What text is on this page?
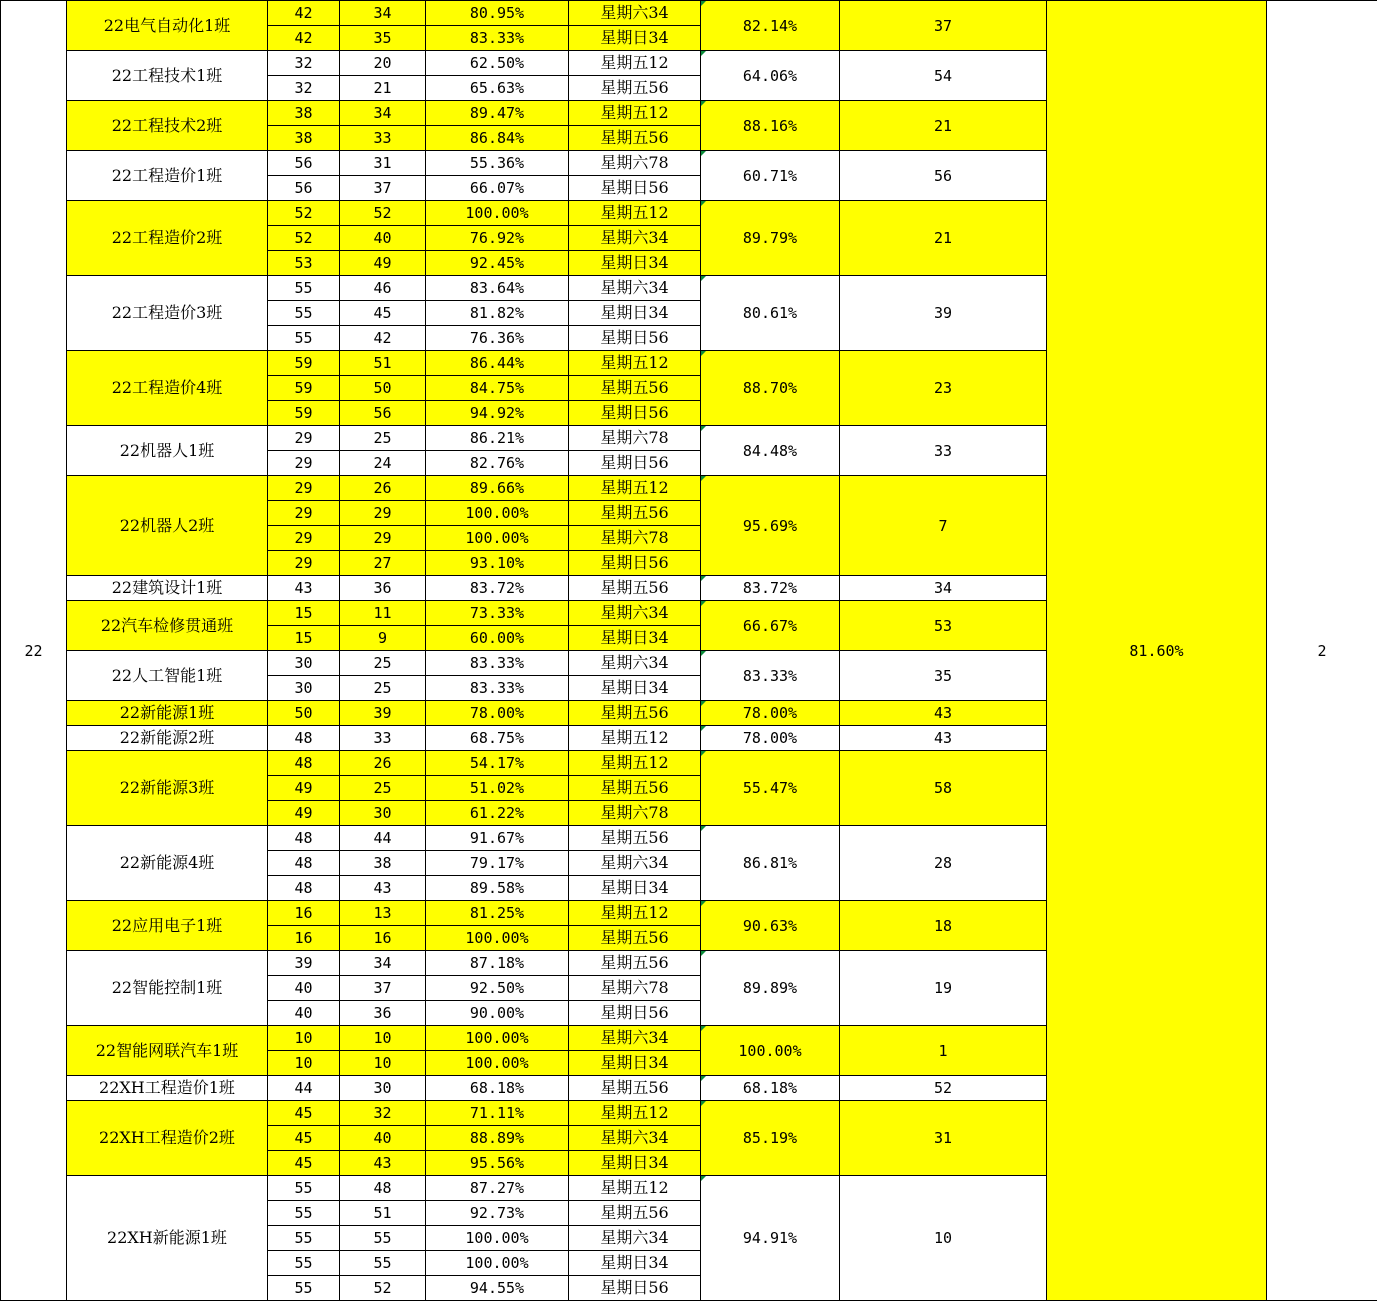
22	22电气自动化1班	42	34	80.95%	星期六34	82.14%	37	81.60%	2
		42	35	83.33%	星期日34				
	22工程技术1班	32	20	62.50%	星期五12	64.06%	54		
		32	21	65.63%	星期五56				
	22工程技术2班	38	34	89.47%	星期五12	88.16%	21		
		38	33	86.84%	星期五56				
	22工程造价1班	56	31	55.36%	星期六78	60.71%	56		
		56	37	66.07%	星期日56				
	22工程造价2班	52	52	100.00%	星期五12	89.79%	21		
		52	40	76.92%	星期六34				
		53	49	92.45%	星期日34				
	22工程造价3班	55	46	83.64%	星期六34	80.61%	39		
		55	45	81.82%	星期日34				
		55	42	76.36%	星期日56				
	22工程造价4班	59	51	86.44%	星期五12	88.70%	23		
		59	50	84.75%	星期五56				
		59	56	94.92%	星期日56				
	22机器人1班	29	25	86.21%	星期六78	84.48%	33		
		29	24	82.76%	星期日56				
	22机器人2班	29	26	89.66%	星期五12	95.69%	7		
		29	29	100.00%	星期五56				
		29	29	100.00%	星期六78				
		29	27	93.10%	星期日56				
	22建筑设计1班	43	36	83.72%	星期五56	83.72%	34		
	22汽车检修贯通班	15	11	73.33%	星期六34	66.67%	53		
		15	9	60.00%	星期日34				
	22人工智能1班	30	25	83.33%	星期六34	83.33%	35		
		30	25	83.33%	星期日34				
	22新能源1班	50	39	78.00%	星期五56	78.00%	43		
	22新能源2班	48	33	68.75%	星期五12	78.00%	43		
	22新能源3班	48	26	54.17%	星期五12	55.47%	58		
		49	25	51.02%	星期五56				
		49	30	61.22%	星期六78				
	22新能源4班	48	44	91.67%	星期五56	86.81%	28		
		48	38	79.17%	星期六34				
		48	43	89.58%	星期日34				
	22应用电子1班	16	13	81.25%	星期五12	90.63%	18		
		16	16	100.00%	星期五56				
	22智能控制1班	39	34	87.18%	星期五56	89.89%	19		
		40	37	92.50%	星期六78				
		40	36	90.00%	星期日56				
	22智能网联汽车1班	10	10	100.00%	星期六34	100.00%	1		
		10	10	100.00%	星期日34				
	22XH工程造价1班	44	30	68.18%	星期五56	68.18%	52		
	22XH工程造价2班	45	32	71.11%	星期五12	85.19%	31		
		45	40	88.89%	星期六34				
		45	43	95.56%	星期日34				
	22XH新能源1班	55	48	87.27%	星期五12	94.91%	10		
		55	51	92.73%	星期五56				
		55	55	100.00%	星期六34				
		55	55	100.00%	星期日34				
		55	52	94.55%	星期日56				
